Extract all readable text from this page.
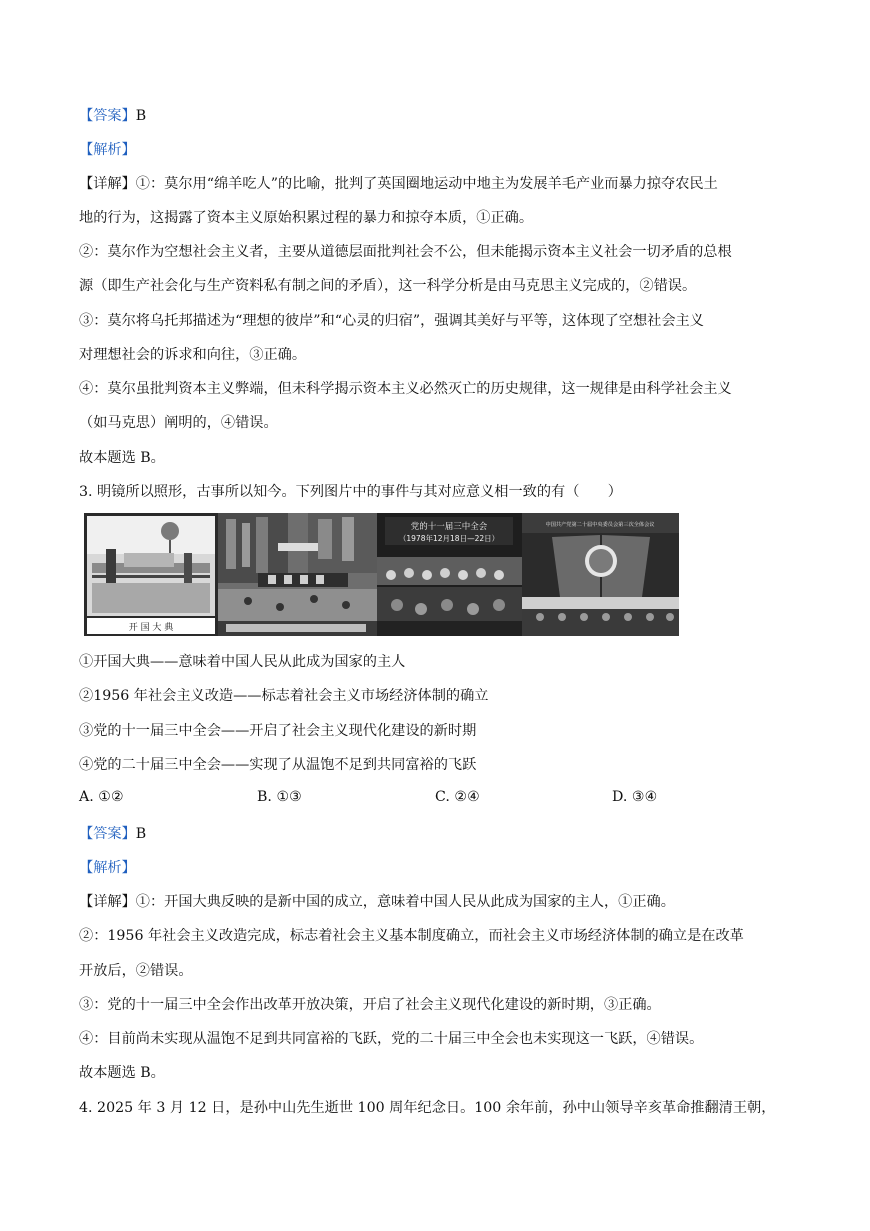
【答案】B
【解析】
【详解】①：莫尔用“绵羊吃人”的比喻，批判了英国圈地运动中地主为发展羊毛产业而暴力掠夺农民土
地的行为，这揭露了资本主义原始积累过程的暴力和掠夺本质，①正确。
②：莫尔作为空想社会主义者，主要从道德层面批判社会不公，但未能揭示资本主义社会一切矛盾的总根
源（即生产社会化与生产资料私有制之间的矛盾），这一科学分析是由马克思主义完成的，②错误。
③：莫尔将乌托邦描述为“理想的彼岸”和“心灵的归宿”，强调其美好与平等，这体现了空想社会主义
对理想社会的诉求和向往，③正确。
④：莫尔虽批判资本主义弊端，但未科学揭示资本主义必然灭亡的历史规律，这一规律是由科学社会主义
（如马克思）阐明的，④错误。
故本题选 B。
3. 明镜所以照形，古事所以知今。下列图片中的事件与其对应意义相一致的有（　　）
开 国 大 典
党的十一届三中全会
（1978年12月18日—22日）
中国共产党第二十届中央委员会第三次全体会议
①开国大典——意味着中国人民从此成为国家的主人
②1956 年社会主义改造——标志着社会主义市场经济体制的确立
③党的十一届三中全会——开启了社会主义现代化建设的新时期
④党的二十届三中全会——实现了从温饱不足到共同富裕的飞跃
A. ①②	B. ①③	C. ②④	D. ③④
【答案】B
【解析】
【详解】①：开国大典反映的是新中国的成立，意味着中国人民从此成为国家的主人，①正确。
②：1956 年社会主义改造完成，标志着社会主义基本制度确立，而社会主义市场经济体制的确立是在改革
开放后，②错误。
③：党的十一届三中全会作出改革开放决策，开启了社会主义现代化建设的新时期，③正确。
④：目前尚未实现从温饱不足到共同富裕的飞跃，党的二十届三中全会也未实现这一飞跃，④错误。
故本题选 B。
4. 2025 年 3 月 12 日，是孙中山先生逝世 100 周年纪念日。100 余年前，孙中山领导辛亥革命推翻清王朝，
